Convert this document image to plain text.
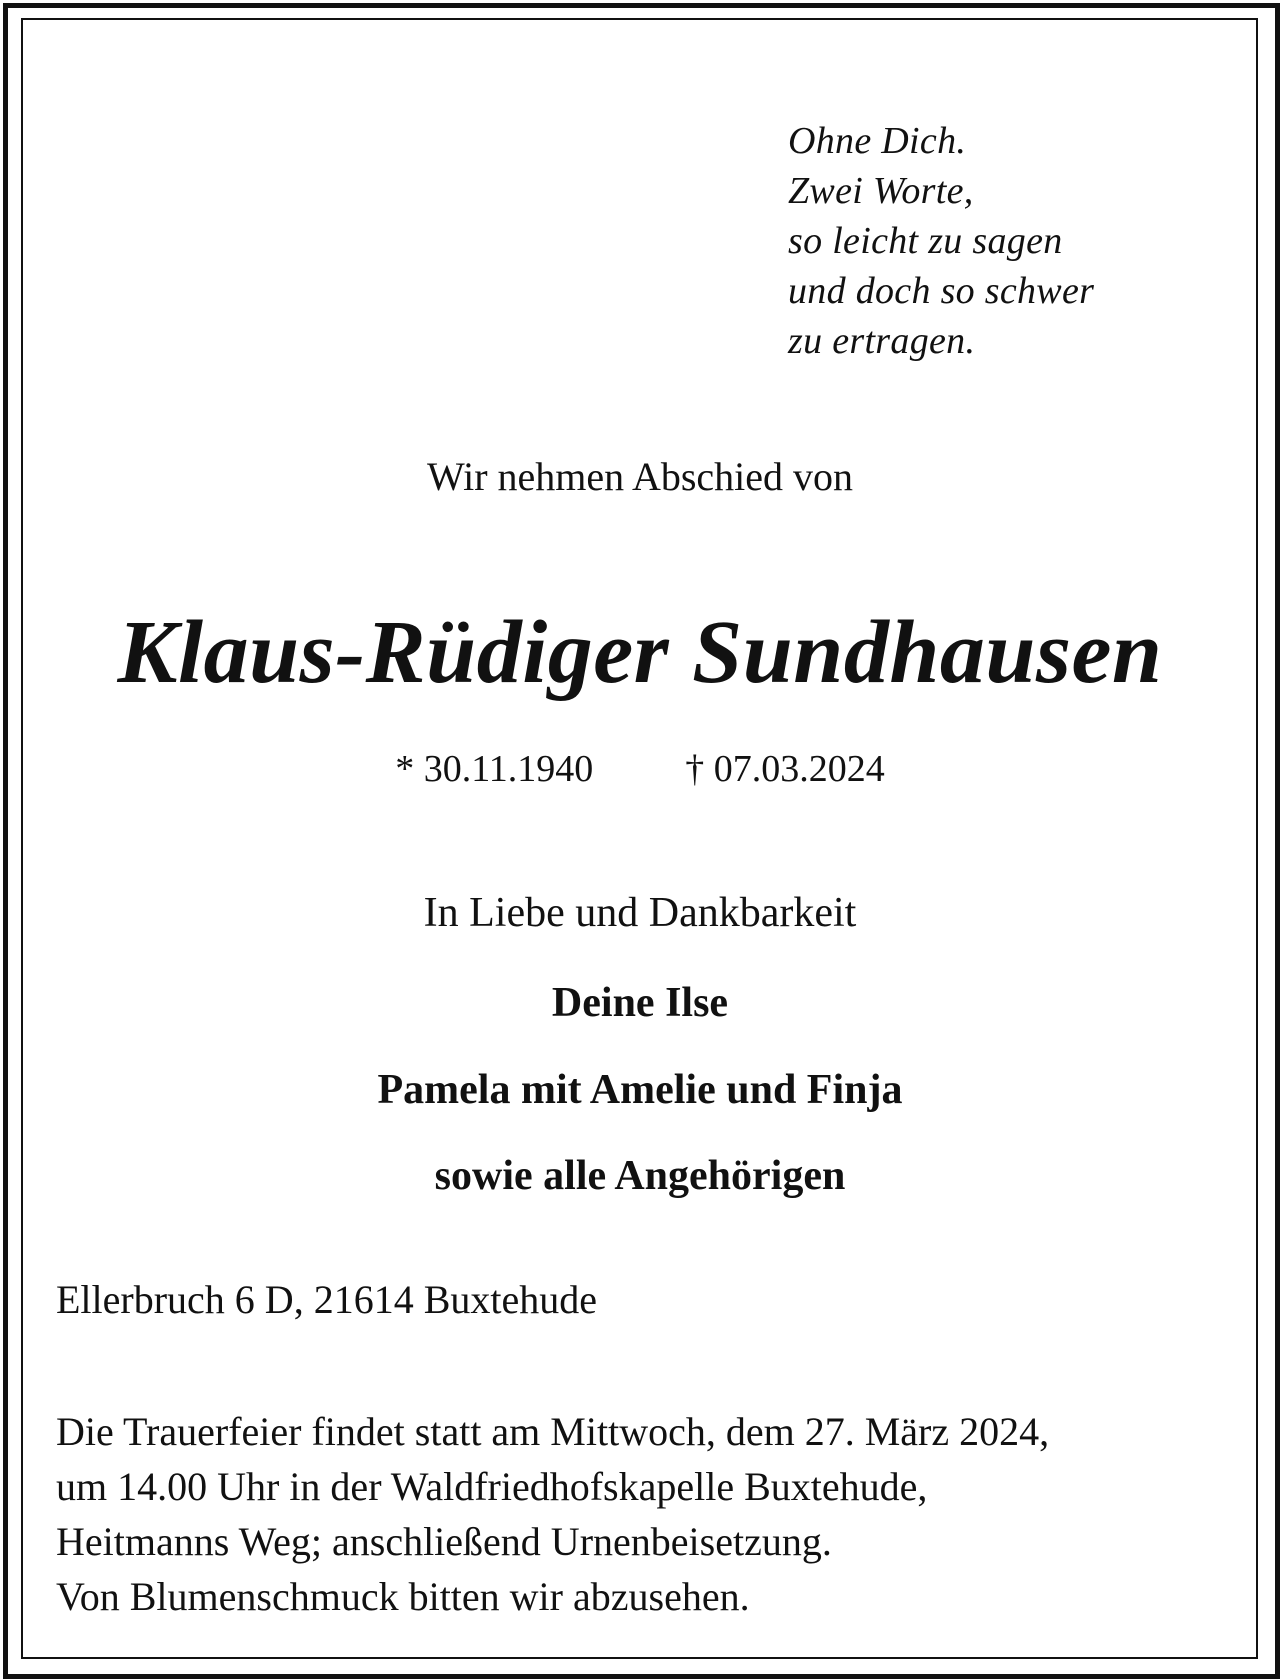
Ohne Dich.
Zwei Worte,
so leicht zu sagen
und doch so schwer
zu ertragen.
Wir nehmen Abschied von
Klaus-Rüdiger Sundhausen
* 30.11.1940 † 07.03.2024
In Liebe und Dankbarkeit
Deine Ilse
Pamela mit Amelie und Finja
sowie alle Angehörigen
Ellerbruch 6 D, 21614 Buxtehude
Die Trauerfeier findet statt am Mittwoch, dem 27. März 2024,
um 14.00 Uhr in der Waldfriedhofskapelle Buxtehude,
Heitmanns Weg; anschließend Urnenbeisetzung.
Von Blumenschmuck bitten wir abzusehen.
